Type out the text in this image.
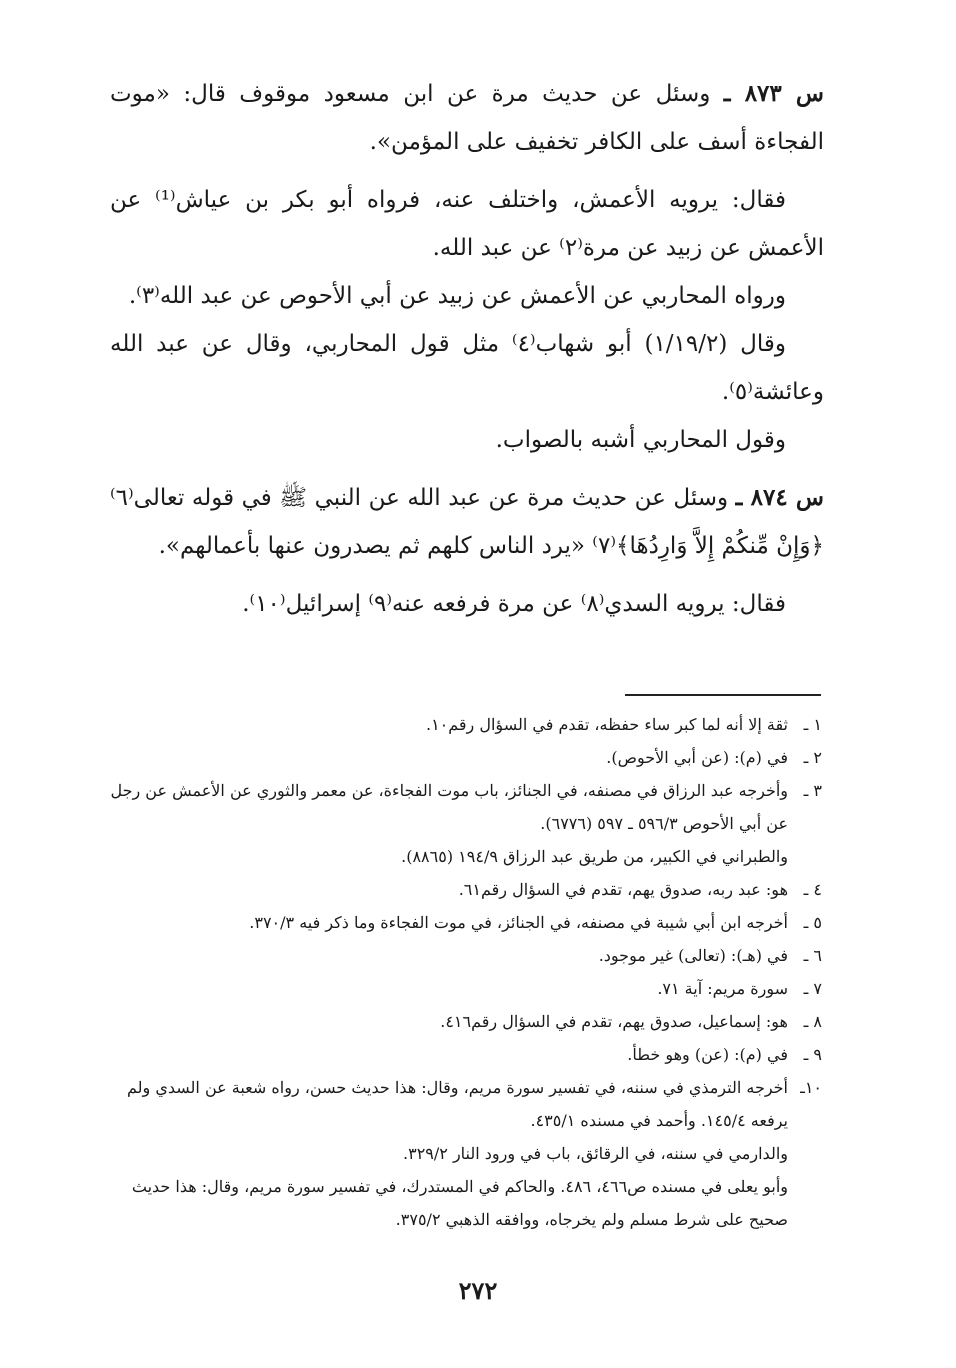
س ٨٧٣ ـ وسئل عن حديث مرة عن ابن مسعود موقوف قال: «موت الفجاءة أسف على الكافر تخفيف على المؤمن».

فقال: يرويه الأعمش، واختلف عنه، فرواه أبو بكر بن عياش⁽¹⁾ عن الأعمش عن زبيد عن مرة⁽٢⁾ عن عبد الله.

ورواه المحاربي عن الأعمش عن زبيد عن أبي الأحوص عن عبد الله⁽٣⁾.

وقال (١/١٩/٢) أبو شهاب⁽٤⁾ مثل قول المحاربي، وقال عن عبد الله وعائشة⁽٥⁾.

وقول المحاربي أشبه بالصواب.

س ٨٧٤ ـ وسئل عن حديث مرة عن عبد الله عن النبي ﷺ في قوله تعالى⁽٦⁾ ﴿وَإِنْ مِّنكُمْ إِلاَّ وَارِدُهَا﴾⁽٧⁾ «يرد الناس كلهم ثم يصدرون عنها بأعمالهم».

فقال: يرويه السدي⁽٨⁾ عن مرة فرفعه عنه⁽٩⁾ إسرائيل⁽١٠⁾.

١ ـ
ثقة إلا أنه لما كبر ساء حفظه، تقدم في السؤال رقم١٠.
٢ ـ
في (م): (عن أبي الأحوص).
٣ ـ
وأخرجه عبد الرزاق في مصنفه، في الجنائز، باب موت الفجاءة، عن معمر والثوري عن الأعمش عن رجل عن أبي الأحوص ٥٩٦/٣ ـ ٥٩٧ (٦٧٧٦).
والطبراني في الكبير، من طريق عبد الرزاق ١٩٤/٩ (٨٨٦٥).
٤ ـ
هو: عبد ربه، صدوق يهم، تقدم في السؤال رقم٦١.
٥ ـ
أخرجه ابن أبي شيبة في مصنفه، في الجنائز، في موت الفجاءة وما ذكر فيه ٣٧٠/٣.
٦ ـ
في (هـ): (تعالى) غير موجود.
٧ ـ
سورة مريم: آية ٧١.
٨ ـ
هو: إسماعيل، صدوق يهم، تقدم في السؤال رقم٤١٦.
٩ ـ
في (م): (عن) وهو خطأ.
١٠ـ
أخرجه الترمذي في سننه، في تفسير سورة مريم، وقال: هذا حديث حسن، رواه شعبة عن السدي ولم يرفعه ١٤٥/٤. وأحمد في مسنده ٤٣٥/١.
والدارمي في سننه، في الرقائق، باب في ورود النار ٣٢٩/٢.
وأبو يعلى في مسنده ص٤٦٦، ٤٨٦. والحاكم في المستدرك، في تفسير سورة مريم، وقال: هذا حديث صحيح على شرط مسلم ولم يخرجاه، ووافقه الذهبي ٣٧٥/٢.
٢٧٢
